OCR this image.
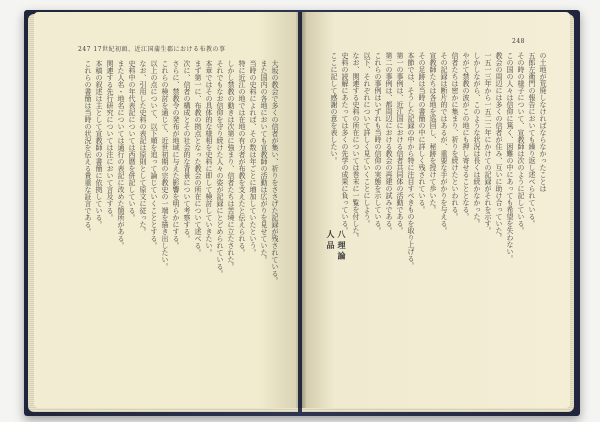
247 17世紀初頭、近江国蒲生郡における布教の事
248
大坂の教会で多くの信者が集い、祈りをささげた記録が残されている。
また国内の各地においても宣教師の活動は広がりを見せていた。
当時の史料によれば、その数は年ごとに増加していたという。
特に近江の地では在地の有力者が布教を支えたと伝えられる。
しかし禁教の動きは次第に強まり、信者たちは苦境に立たされた。
それでもなお信仰を守り続けた人々の姿が記録にとどめられている。
本章ではその具体的な様相を史料に即して検討していきたい。
まず第一に、布教の拠点となった教会の所在について述べる。
次に、信者の構成とその社会的な背景について考察する。
さらに、禁教令の発布が地域に与えた影響を明らかにする。
これらの検討を通じて、近世初期の宗教史の一端を描き出したい。
以上の点について、以下順を追って論じていくこととする。
なお、引用した史料の表記は原則として原文に従った。
史料中の年代表記については西暦を併記している。
また人名・地名については通行の表記に改めた箇所がある。
関連する先行研究については注において言及する。
本稿の叙述は主として宣教師の書簡に依拠している。
これらの書簡は当時の状況を伝える貴重な証言である。	の土地が荒廃しなければならなかったことは
五郎左衛門の報告においても繰り返し述べられている。
その時の様子について、宣教師は次のように記している。
この国の人々は信仰に篤く、困難の中にあっても希望を失わない。
教会の周辺には多くの信者が住み、互いに助け合っていた。
一五一三年から一五二二年にかけての記録がそれを示す。
しかしながら、このような状況は長くは続かなかった。
やがて禁教の波がこの地にも押し寄せることとなる。
信者たちは密かに集まり、祈りを続けたといわれる。
その記録は断片的ではあるが、重要な手がかりを与える。
宣教師たちは各地を巡回し、秘跡を授けて歩いた。
その足跡は当時の書簡の中に詳しく残されている。
本節では、そうした記録の中から特に注目すべきものを取り上げる。
第一の事例は、近江国における信者共同体の活動である。
第二の事例は、都周辺における教会の再建の試みである。
これらの事例はいずれも当時の信仰の実態を示している。
以下、それぞれについて詳しく見ていくことにしよう。
なお、関連する史料の所在については巻末に一覧を付した。
史料の読解にあたっては多くの先学の成果に負っている。
ここに記して感謝の意を表したい。
八 理 論 人 品
